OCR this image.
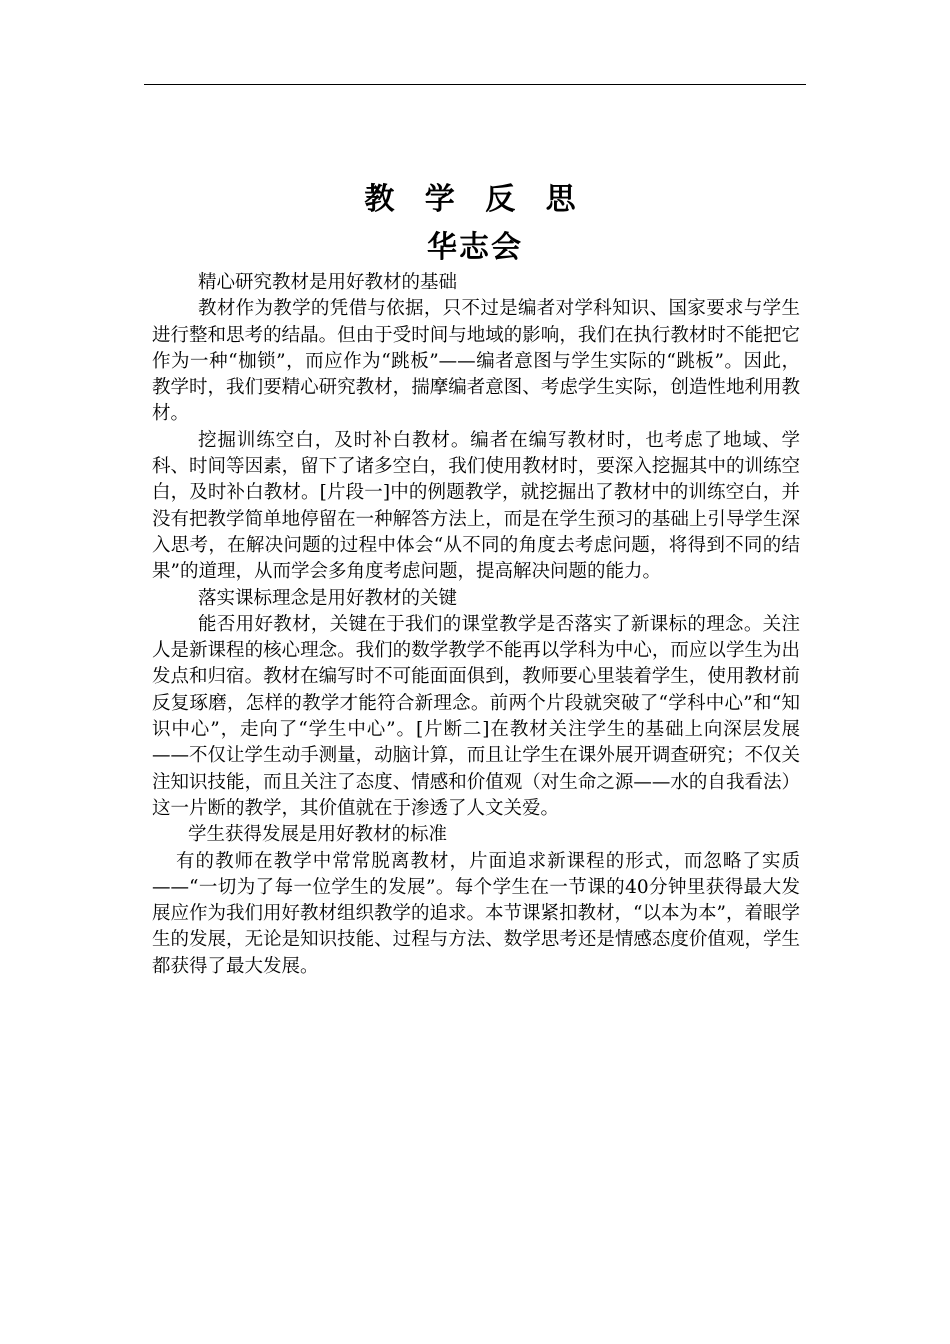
教 学 反 思
华志会

精心研究教材是用好教材的基础

教材作为教学的凭借与依据，只不过是编者对学科知识、国家要求与学生进行整和思考的结晶。但由于受时间与地域的影响，我们在执行教材时不能把它作为一种“枷锁”，而应作为“跳板”——编者意图与学生实际的“跳板”。因此，教学时，我们要精心研究教材，揣摩编者意图、考虑学生实际，创造性地利用教材。

挖掘训练空白，及时补白教材。编者在编写教材时，也考虑了地域、学科、时间等因素，留下了诸多空白，我们使用教材时，要深入挖掘其中的训练空白，及时补白教材。[片段一]中的例题教学，就挖掘出了教材中的训练空白，并没有把教学简单地停留在一种解答方法上，而是在学生预习的基础上引导学生深入思考，在解决问题的过程中体会“从不同的角度去考虑问题，将得到不同的结果”的道理，从而学会多角度考虑问题，提高解决问题的能力。

落实课标理念是用好教材的关键

能否用好教材，关键在于我们的课堂教学是否落实了新课标的理念。关注人是新课程的核心理念。我们的数学教学不能再以学科为中心，而应以学生为出发点和归宿。教材在编写时不可能面面俱到，教师要心里装着学生，使用教材前反复琢磨，怎样的教学才能符合新理念。前两个片段就突破了“学科中心”和“知识中心”，走向了“学生中心”。[片断二]在教材关注学生的基础上向深层发展——不仅让学生动手测量，动脑计算，而且让学生在课外展开调查研究；不仅关注知识技能，而且关注了态度、情感和价值观（对生命之源——水的自我看法）这一片断的教学，其价值就在于渗透了人文关爱。

学生获得发展是用好教材的标准

有的教师在教学中常常脱离教材，片面追求新课程的形式，而忽略了实质——“一切为了每一位学生的发展”。每个学生在一节课的40分钟里获得最大发展应作为我们用好教材组织教学的追求。本节课紧扣教材，“以本为本”，着眼学生的发展，无论是知识技能、过程与方法、数学思考还是情感态度价值观，学生都获得了最大发展。
